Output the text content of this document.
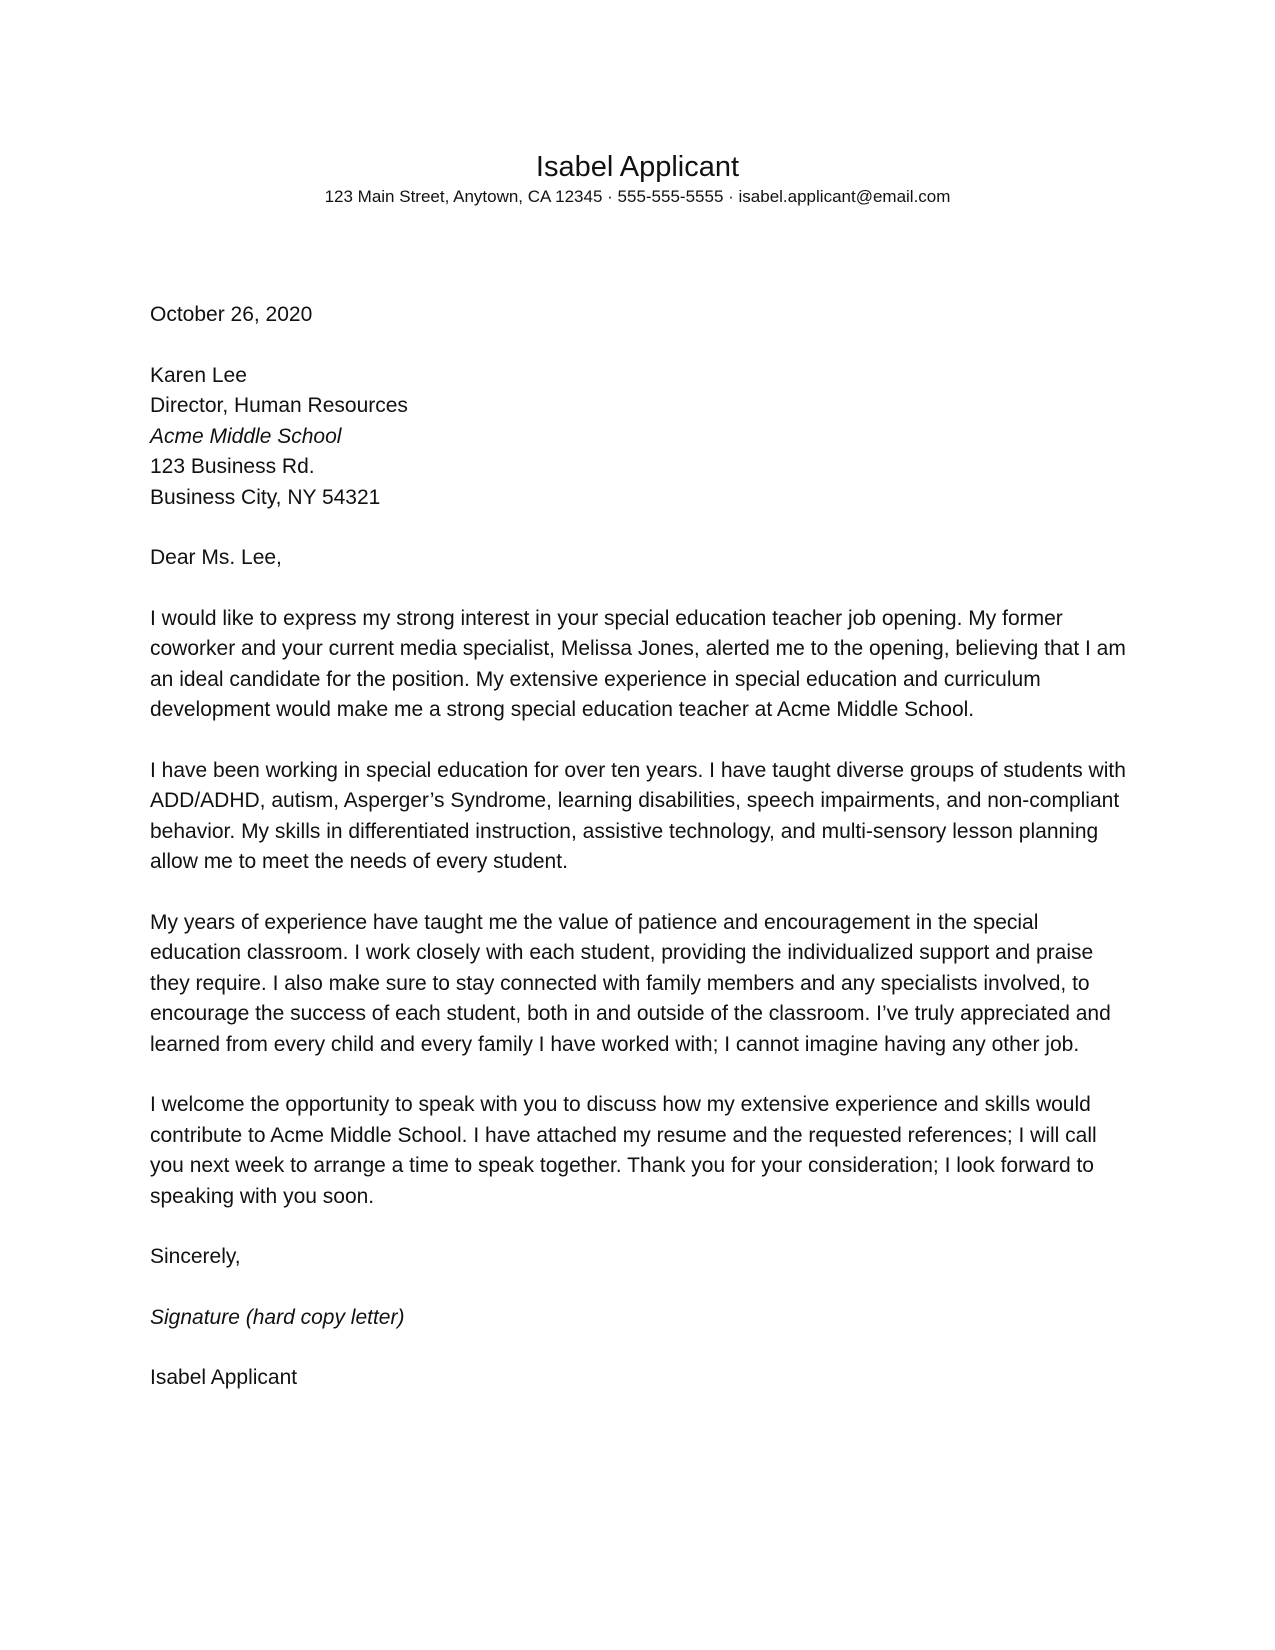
Isabel Applicant
123 Main Street, Anytown, CA 12345 · 555-555-5555 · isabel.applicant@email.com

October 26, 2020

Karen Lee
Director, Human Resources
Acme Middle School
123 Business Rd.
Business City, NY 54321

Dear Ms. Lee,

I would like to express my strong interest in your special education teacher job opening. My former coworker and your current media specialist, Melissa Jones, alerted me to the opening, believing that I am an ideal candidate for the position. My extensive experience in special education and curriculum development would make me a strong special education teacher at Acme Middle School.

I have been working in special education for over ten years. I have taught diverse groups of students with ADD/ADHD, autism, Asperger’s Syndrome, learning disabilities, speech impairments, and non-compliant behavior. My skills in differentiated instruction, assistive technology, and multi-sensory lesson planning allow me to meet the needs of every student.

My years of experience have taught me the value of patience and encouragement in the special education classroom. I work closely with each student, providing the individualized support and praise they require. I also make sure to stay connected with family members and any specialists involved, to encourage the success of each student, both in and outside of the classroom. I’ve truly appreciated and learned from every child and every family I have worked with; I cannot imagine having any other job.

I welcome the opportunity to speak with you to discuss how my extensive experience and skills would contribute to Acme Middle School. I have attached my resume and the requested references; I will call you next week to arrange a time to speak together. Thank you for your consideration; I look forward to speaking with you soon.

Sincerely,

Signature (hard copy letter)

Isabel Applicant
